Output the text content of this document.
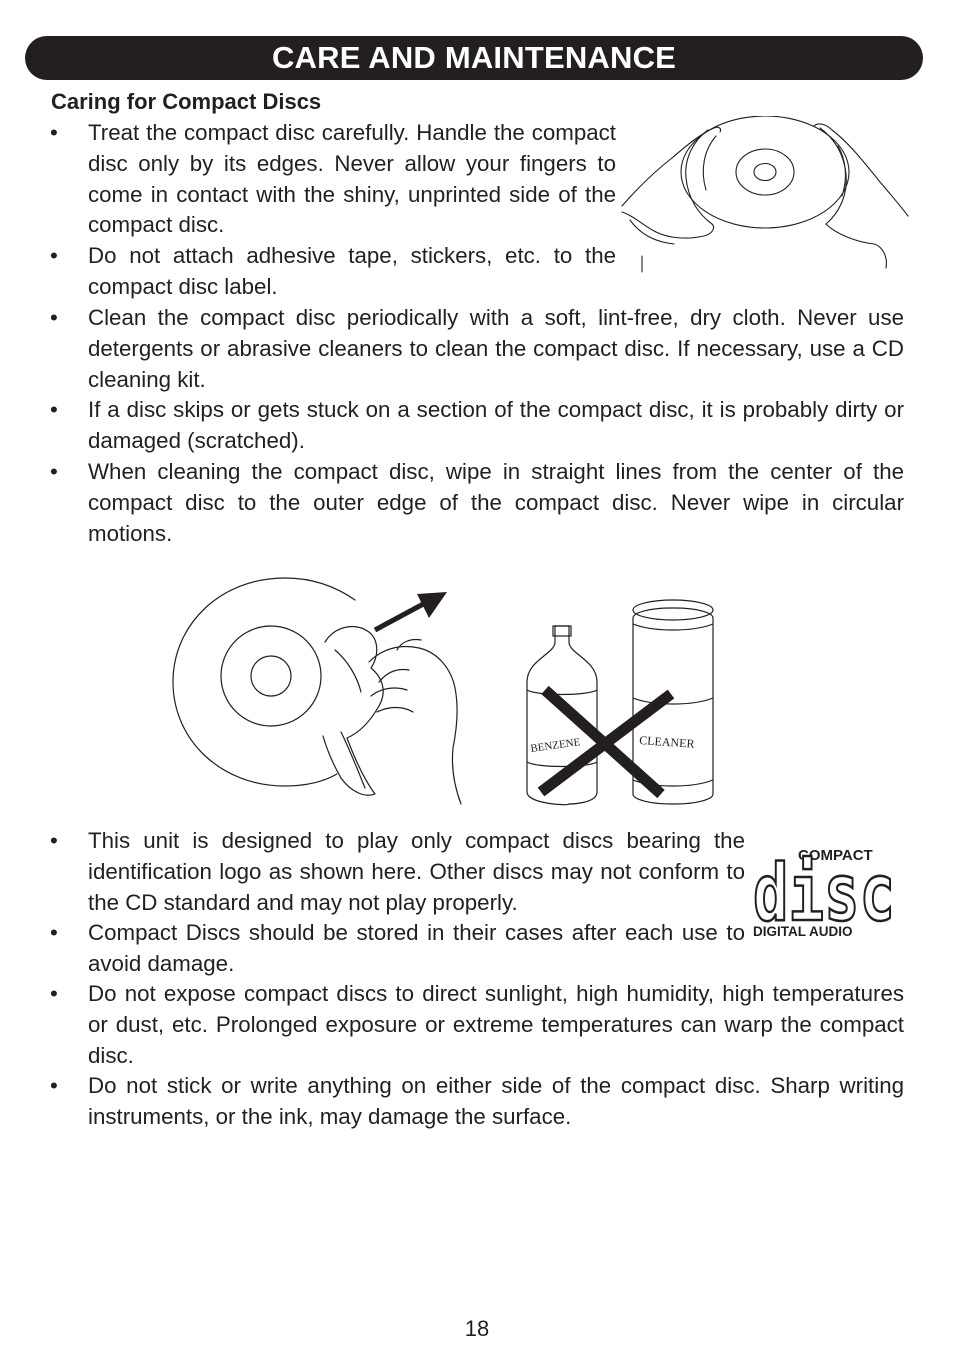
CARE AND MAINTENANCE
Caring for Compact Discs
• Treat the compact disc carefully. Handle the compact disc only by its edges. Never allow your fingers to come in contact with the shiny, unprinted side of the compact disc.
• Do not attach adhesive tape, stickers, etc. to the compact disc label.
• Clean the compact disc periodically with a soft, lint-free, dry cloth. Never use detergents or abrasive cleaners to clean the compact disc. If necessary, use a CD cleaning kit.
• If a disc skips or gets stuck on a section of the compact disc, it is probably dirty or damaged (scratched).
• When cleaning the compact disc, wipe in straight lines from the center of the compact disc to the outer edge of the compact disc. Never wipe in circular motions.
BENZENE	CLEANER
COMPACT
disc
DIGITAL AUDIO
• This unit is designed to play only compact discs bearing the identification logo as shown here. Other discs may not conform to the CD standard and may not play properly.
• Compact Discs should be stored in their cases after each use to avoid damage.
• Do not expose compact discs to direct sunlight, high humidity, high temperatures or dust, etc. Prolonged exposure or extreme temperatures can warp the compact disc.
• Do not stick or write anything on either side of the compact disc. Sharp writing instruments, or the ink, may damage the surface.
18
